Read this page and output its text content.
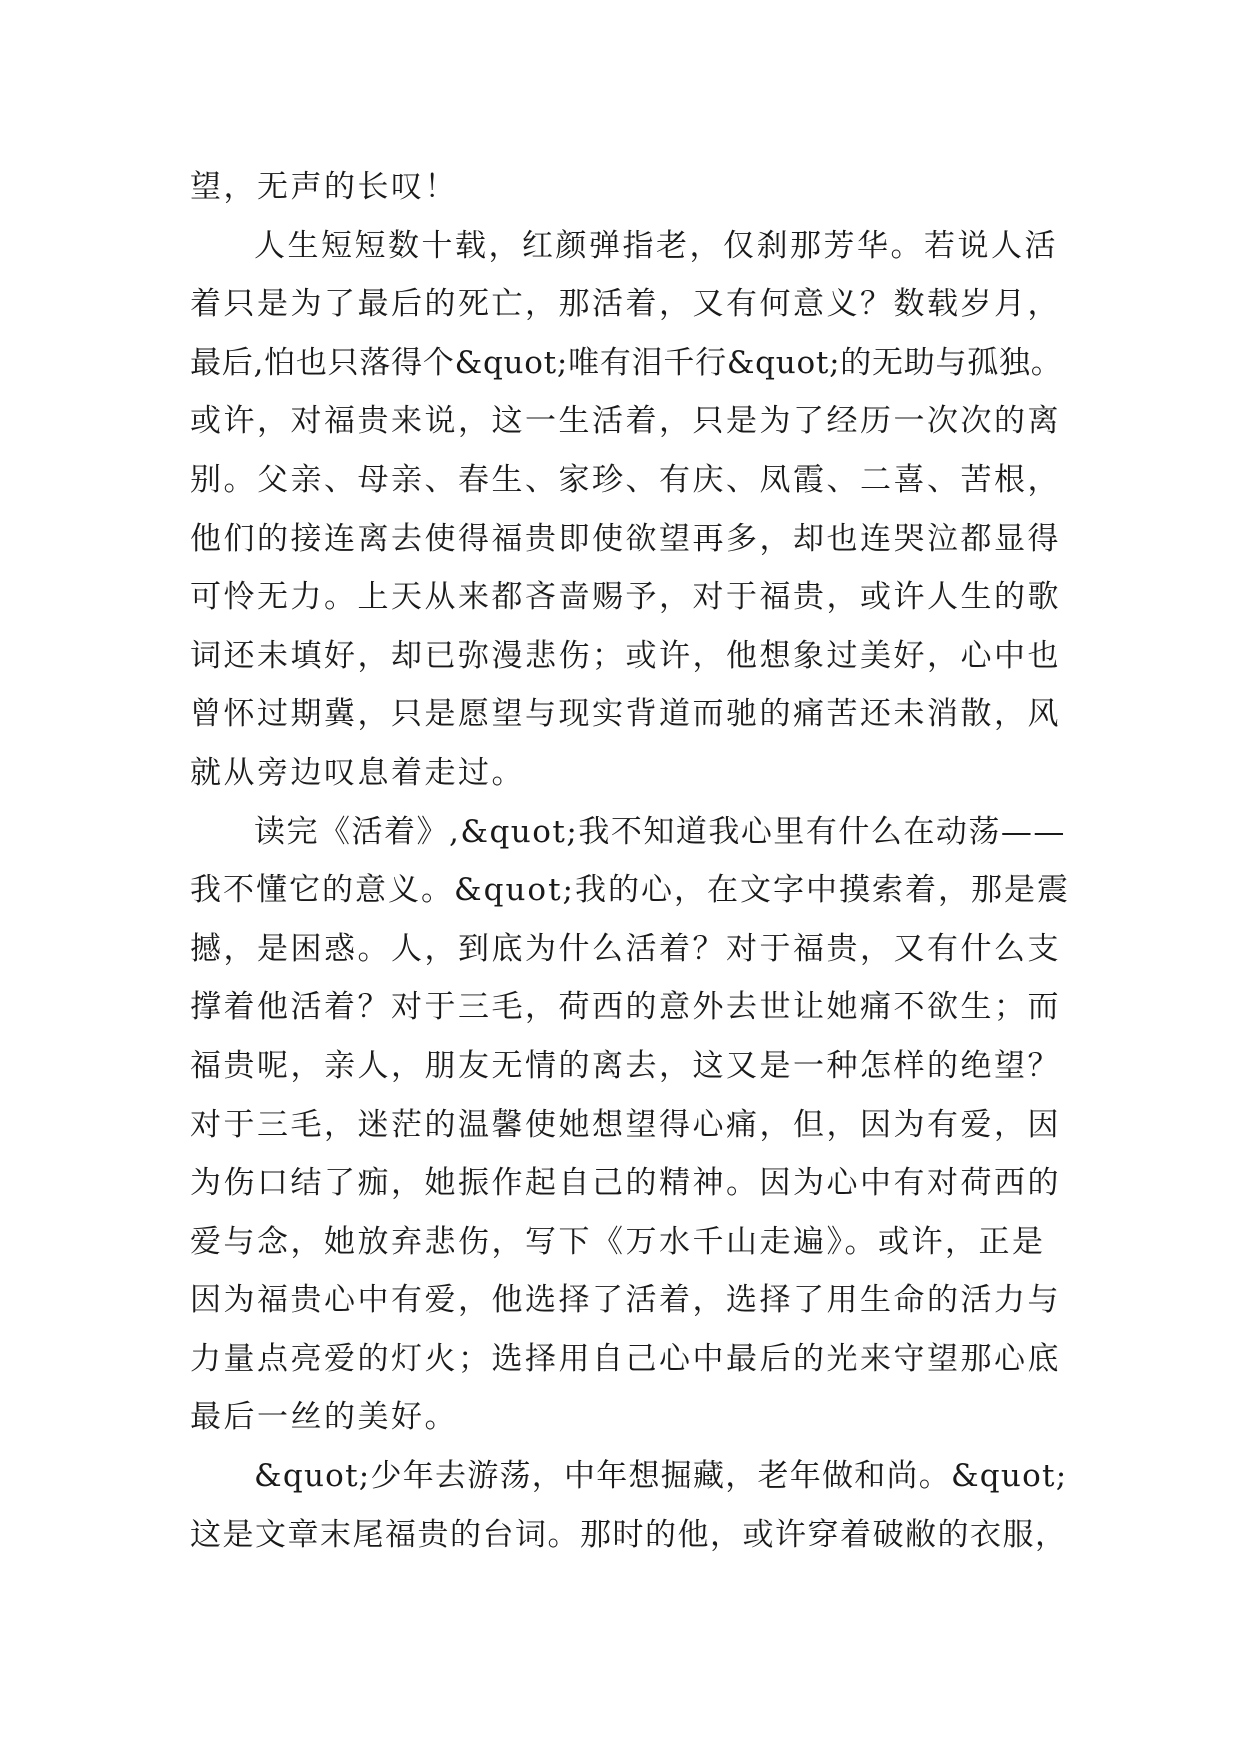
望，无声的长叹！
人生短短数十载，红颜弹指老，仅刹那芳华。若说人活
着只是为了最后的死亡，那活着，又有何意义？数载岁月，
最后,怕也只落得个&quot;唯有泪千行&quot;的无助与孤独。
或许，对福贵来说，这一生活着，只是为了经历一次次的离
别。父亲、母亲、春生、家珍、有庆、凤霞、二喜、苦根，
他们的接连离去使得福贵即使欲望再多，却也连哭泣都显得
可怜无力。上天从来都吝啬赐予，对于福贵，或许人生的歌
词还未填好，却已弥漫悲伤；或许，他想象过美好，心中也
曾怀过期冀，只是愿望与现实背道而驰的痛苦还未消散，风
就从旁边叹息着走过。
读完《活着》,&quot;我不知道我心里有什么在动荡——
我不懂它的意义。&quot;我的心，在文字中摸索着，那是震
撼，是困惑。人，到底为什么活着？对于福贵，又有什么支
撑着他活着？对于三毛，荷西的意外去世让她痛不欲生；而
福贵呢，亲人，朋友无情的离去，这又是一种怎样的绝望？
对于三毛，迷茫的温馨使她想望得心痛，但，因为有爱，因
为伤口结了痂，她振作起自己的精神。因为心中有对荷西的
爱与念，她放弃悲伤，写下《万水千山走遍》。或许，正是
因为福贵心中有爱，他选择了活着，选择了用生命的活力与
力量点亮爱的灯火；选择用自己心中最后的光来守望那心底
最后一丝的美好。
&quot;少年去游荡，中年想掘藏，老年做和尚。&quot;
这是文章末尾福贵的台词。那时的他，或许穿着破敝的衣服，
